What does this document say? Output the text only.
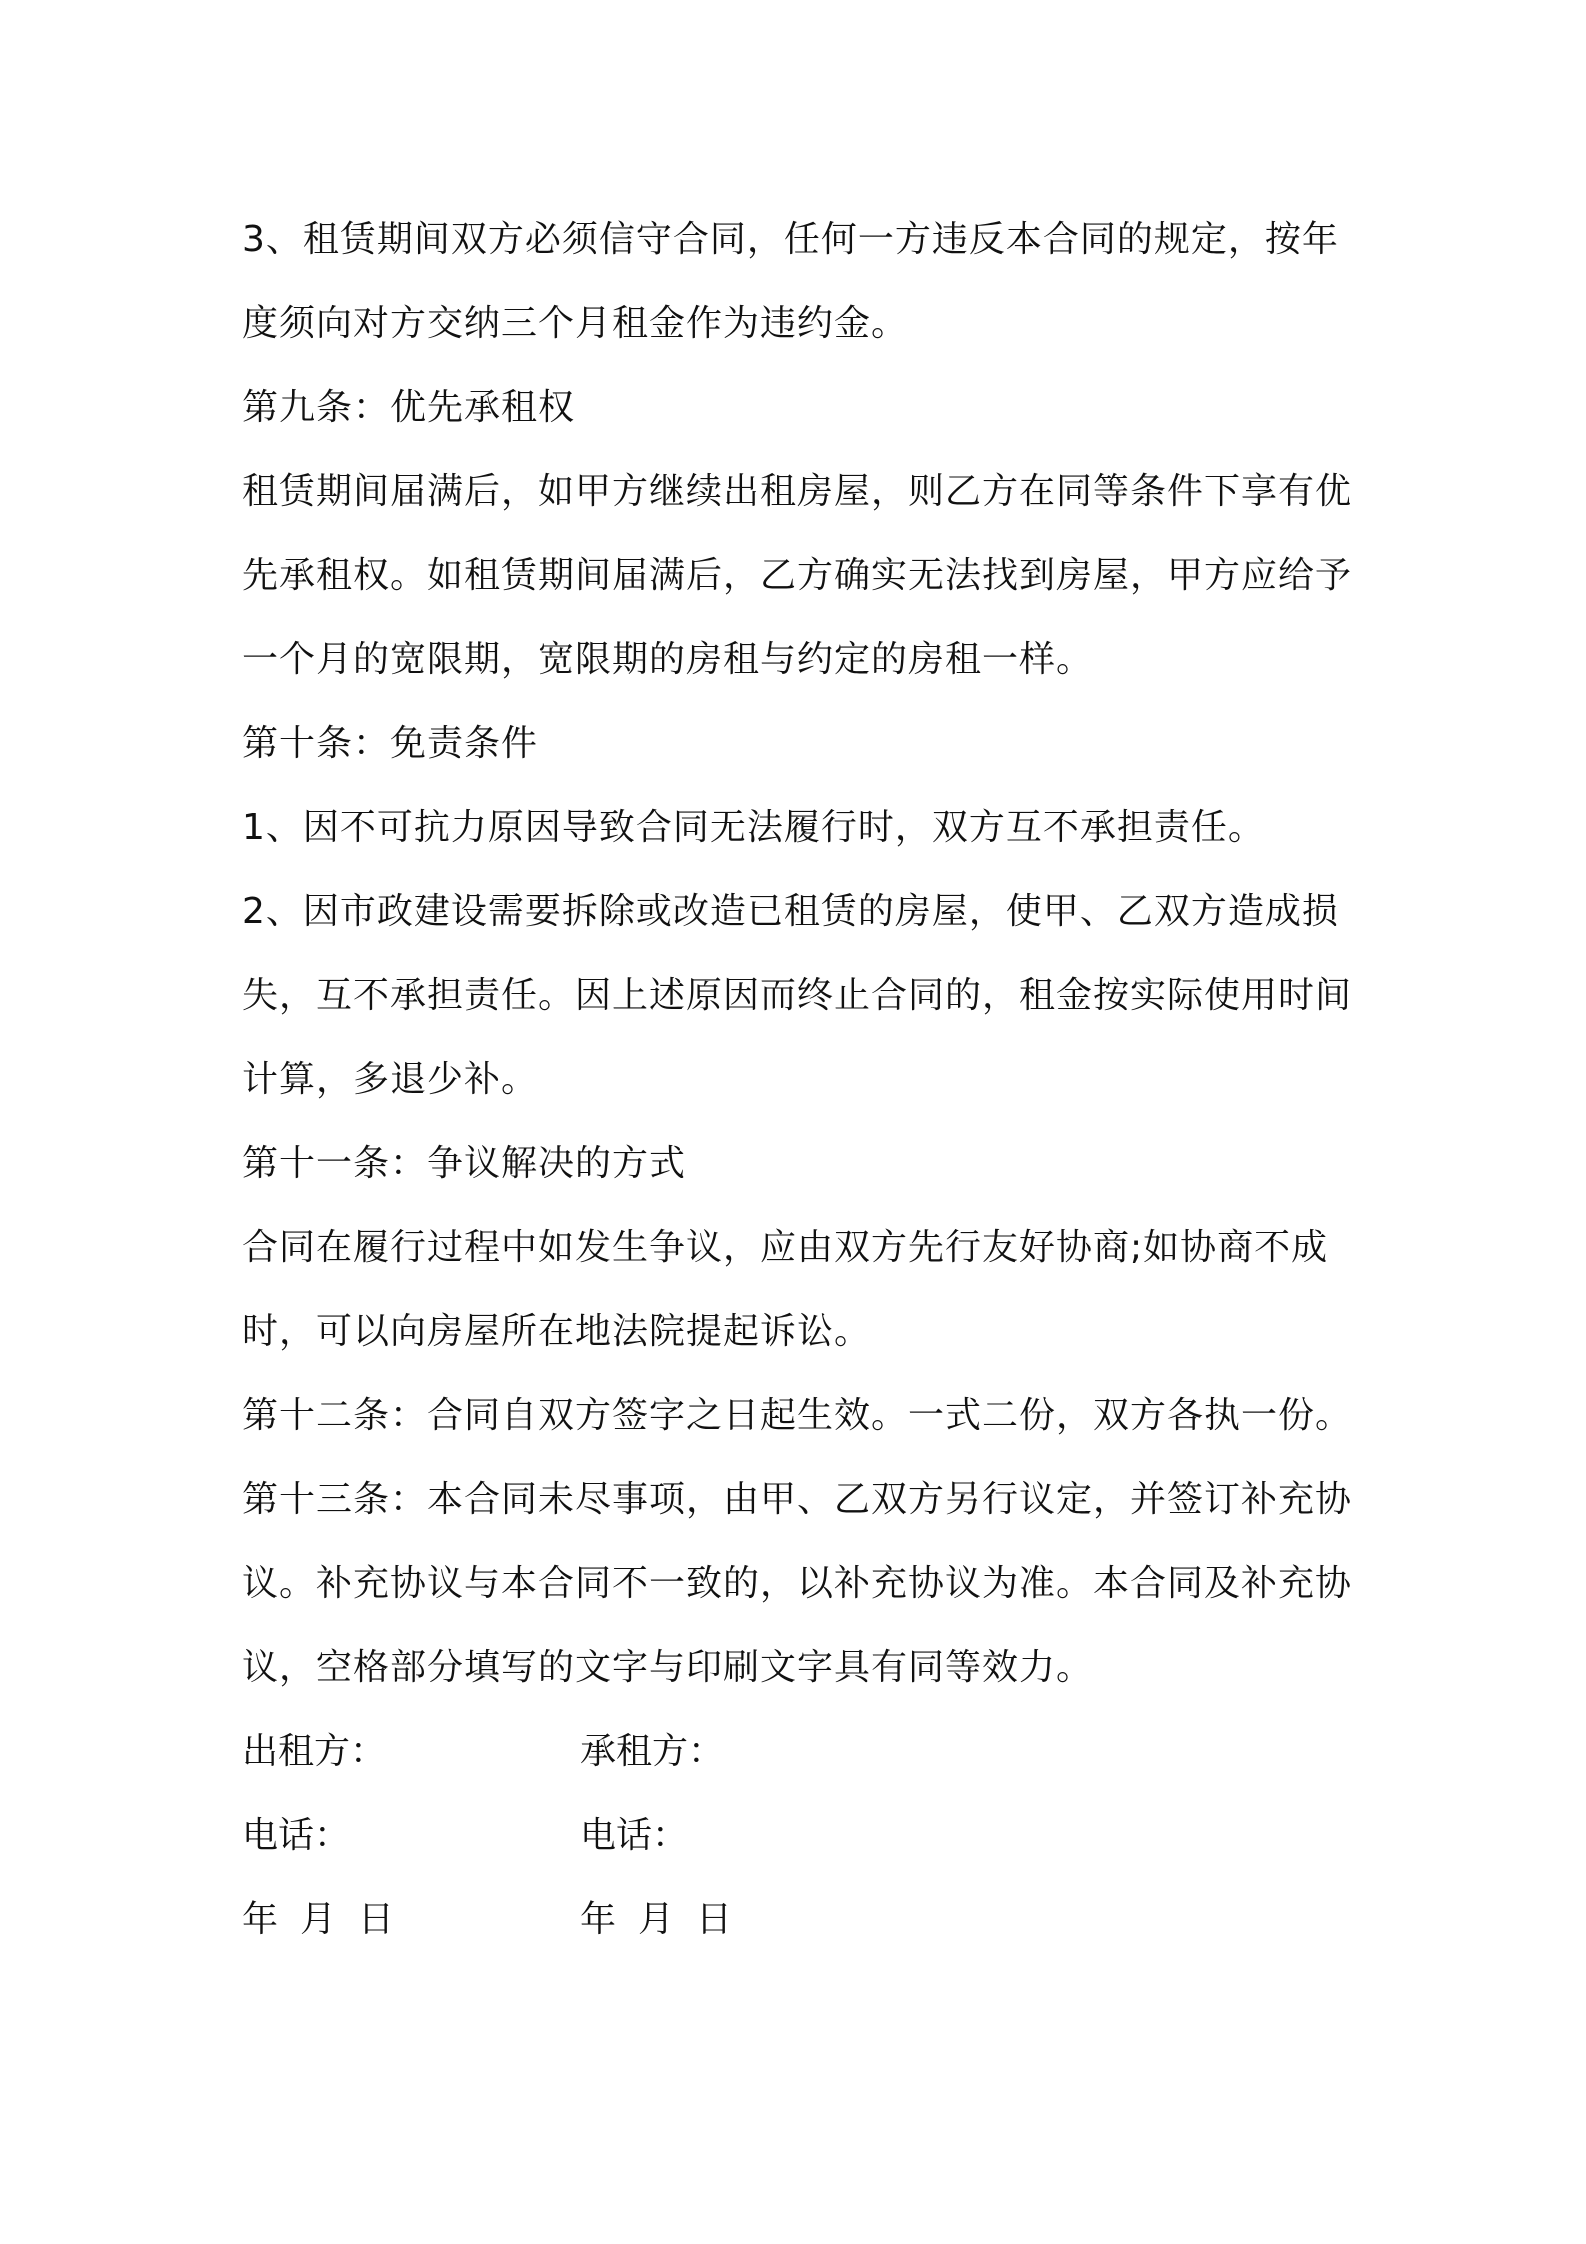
3、租赁期间双方必须信守合同，任何一方违反本合同的规定，按年
度须向对方交纳三个月租金作为违约金。
第九条：优先承租权
租赁期间届满后，如甲方继续出租房屋，则乙方在同等条件下享有优
先承租权。如租赁期间届满后，乙方确实无法找到房屋，甲方应给予
一个月的宽限期，宽限期的房租与约定的房租一样。
第十条：免责条件
1、因不可抗力原因导致合同无法履行时，双方互不承担责任。
2、因市政建设需要拆除或改造已租赁的房屋，使甲、乙双方造成损
失，互不承担责任。因上述原因而终止合同的，租金按实际使用时间
计算，多退少补。
第十一条：争议解决的方式
合同在履行过程中如发生争议，应由双方先行友好协商;如协商不成
时，可以向房屋所在地法院提起诉讼。
第十二条：合同自双方签字之日起生效。一式二份，双方各执一份。
第十三条：本合同未尽事项，由甲、乙双方另行议定，并签订补充协
议。补充协议与本合同不一致的，以补充协议为准。本合同及补充协
议，空格部分填写的文字与印刷文字具有同等效力。
出租方：	承租方：
电话：	电话：
年 月 日	年 月 日
